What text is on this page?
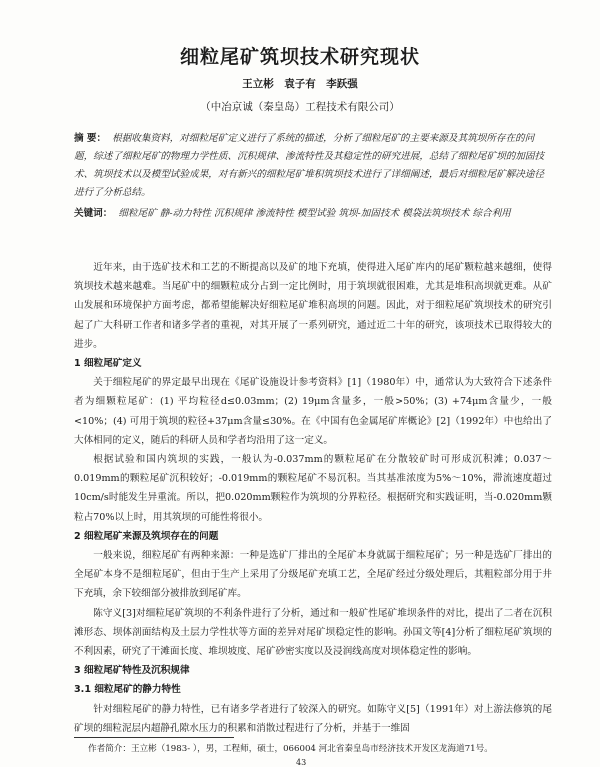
细粒尾矿筑坝技术研究现状
王立彬　袁子有　李跃强
（中冶京诚（秦皇岛）工程技术有限公司）
摘 要： 根据收集资料，对细粒尾矿定义进行了系统的描述，分析了细粒尾矿的主要来源及其筑坝所存在的问题，综述了细粒尾矿的物理力学性质、沉积规律、渗流特性及其稳定性的研究进展，总结了细粒尾矿坝的加固技术、筑坝技术以及模型试验成果，对有新兴的细粒尾矿堆积筑坝技术进行了详细阐述，最后对细粒尾矿解决途径进行了分析总结。
关键词： 细粒尾矿 静-动力特性 沉积规律 渗流特性 模型试验 筑坝-加固技术 模袋法筑坝技术 综合利用

近年来，由于选矿技术和工艺的不断提高以及矿的地下充填，使得进入尾矿库内的尾矿颗粒越来越细，使得筑坝技术越来越难。当尾矿中的细颗粒成分占到一定比例时，用于筑坝就很困难，尤其是堆积高坝就更难。从矿山发展和环境保护方面考虑，都希望能解决好细粒尾矿堆积高坝的问题。因此，对于细粒尾矿筑坝技术的研究引起了广大科研工作者和诸多学者的重视，对其开展了一系列研究，通过近二十年的研究，该项技术已取得较大的进步。

1 细粒尾矿定义

关于细粒尾矿的界定最早出现在《尾矿设施设计参考资料》[1]（1980年）中，通常认为大致符合下述条件者为细颗粒尾矿：(1) 平均粒径d≤0.03mm；(2) 19μm含量多，一般>50%；(3) +74μm含量少，一般<10%；(4) 可用于筑坝的粒径+37μm含量≤30%。在《中国有色金属尾矿库概论》[2]（1992年）中也给出了大体相同的定义，随后的科研人员和学者均沿用了这一定义。

根据试验和国内筑坝的实践，一般认为-0.037mm的颗粒尾矿在分散较矿时可形成沉积滩；0.037～0.019mm的颗粒尾矿沉积较好；-0.019mm的颗粒尾矿不易沉积。当其基准浓度为5%～10%，滞流速度超过10cm/s时能发生异重流。所以，把0.020mm颗粒作为筑坝的分界粒径。根据研究和实践证明，当-0.020mm颗粒占70%以上时，用其筑坝的可能性将很小。

2 细粒尾矿来源及筑坝存在的问题

一般来说，细粒尾矿有两种来源：一种是选矿厂排出的全尾矿本身就属于细粒尾矿；另一种是选矿厂排出的全尾矿本身不是细粒尾矿，但由于生产上采用了分级尾矿充填工艺，全尾矿经过分级处理后，其粗粒部分用于井下充填，余下较细部分被排放到尾矿库。

陈守义[3]对细粒尾矿筑坝的不利条件进行了分析，通过和一般矿性尾矿堆坝条件的对比，提出了二者在沉积滩形态、坝体剖面结构及土层力学性状等方面的差异对尾矿坝稳定性的影响。孙国文等[4]分析了细粒尾矿筑坝的不利因素，研究了干滩面长度、堆坝坡度、尾矿砂密实度以及浸润线高度对坝体稳定性的影响。

3 细粒尾矿特性及沉积规律
3.1 细粒尾矿的静力特性

针对细粒尾矿的静力特性，已有诸多学者进行了较深入的研究。如陈守义[5]（1991年）对上游法修筑的尾矿坝的细粒泥层内超静孔隙水压力的积累和消散过程进行了分析，并基于一维固

作者简介：王立彬（1983- ），男，工程师，硕士，066004 河北省秦皇岛市经济技术开发区龙海道71号。
43
